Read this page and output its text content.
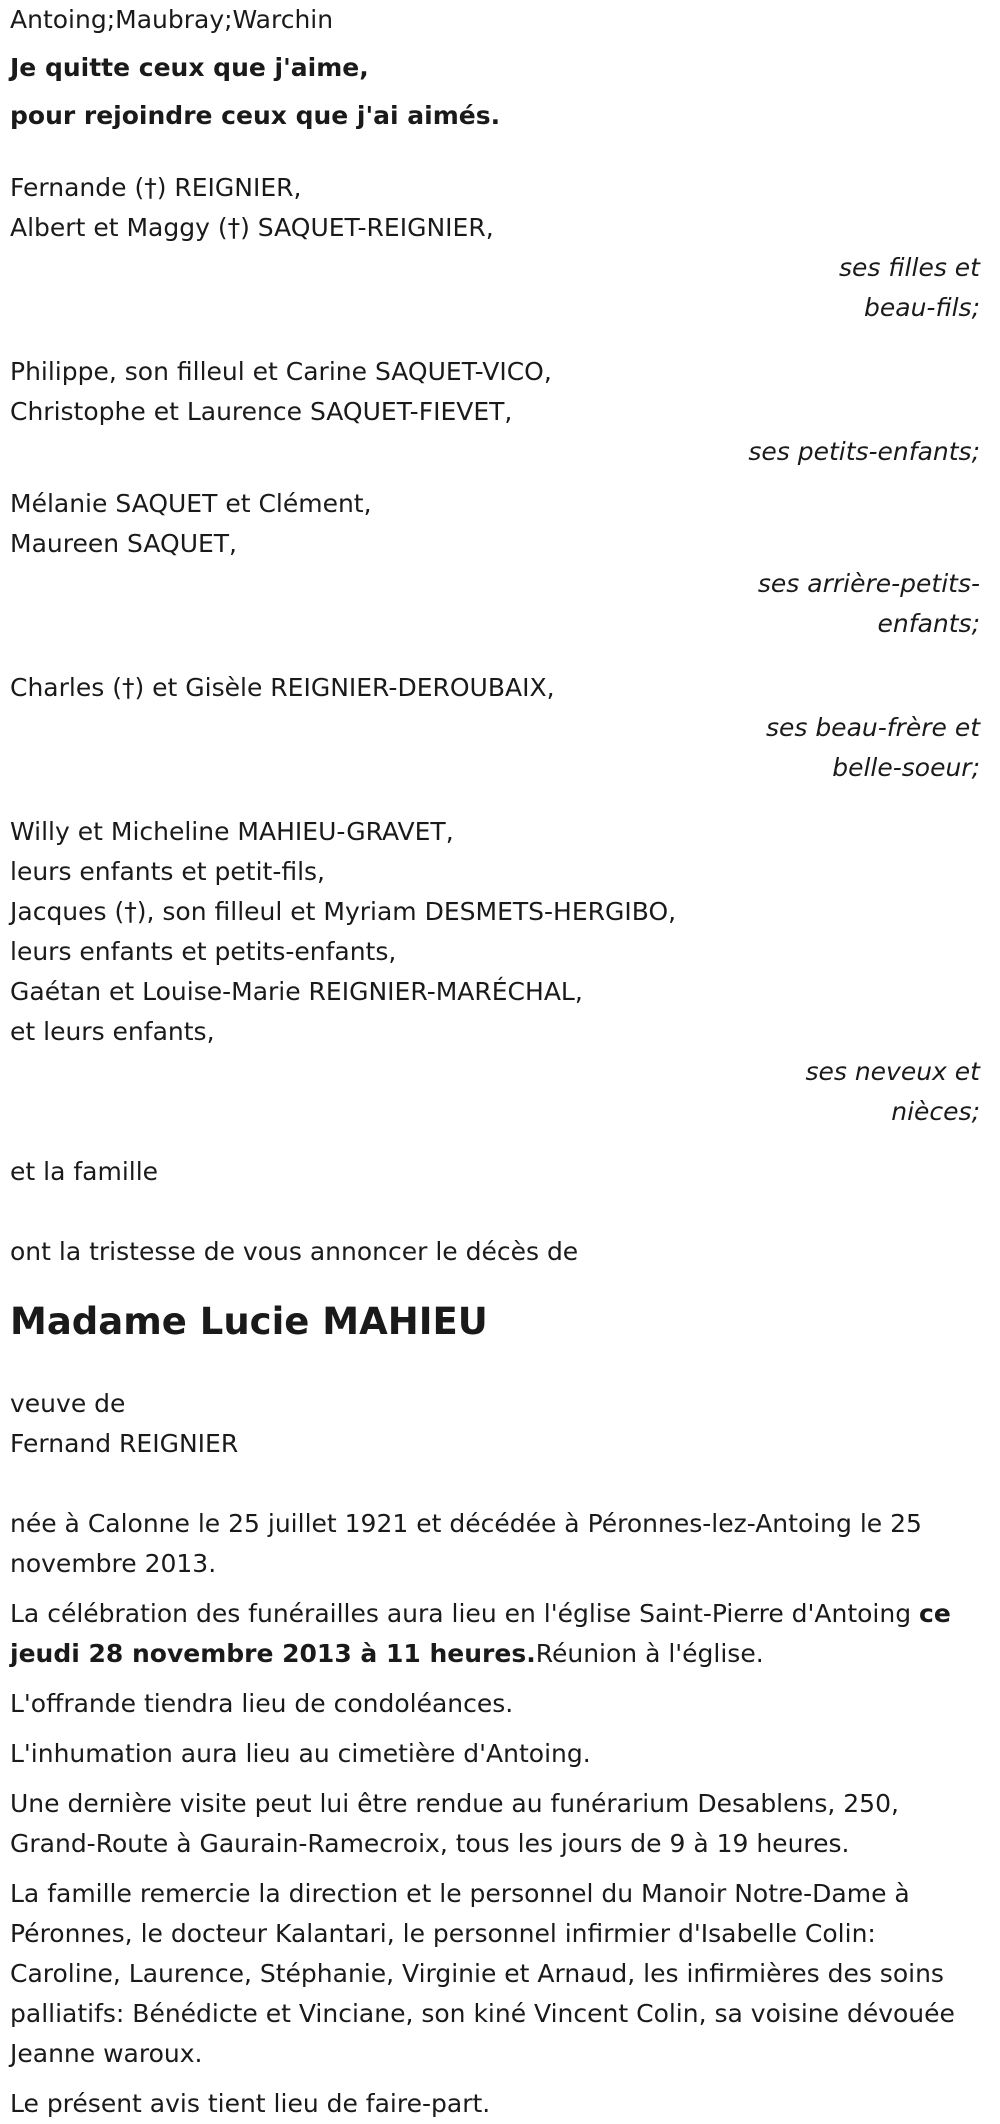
Antoing;Maubray;Warchin
Je quitte ceux que j'aime,
pour rejoindre ceux que j'ai aimés.
Fernande (†) REIGNIER,
Albert et Maggy (†) SAQUET-REIGNIER,
ses filles et
beau-fils;
Philippe, son filleul et Carine SAQUET-VICO,
Christophe et Laurence SAQUET-FIEVET,
ses petits-enfants;
Mélanie SAQUET et Clément,
Maureen SAQUET,
ses arrière-petits-
enfants;
Charles (†) et Gisèle REIGNIER-DEROUBAIX,
ses beau-frère et
belle-soeur;
Willy et Micheline MAHIEU-GRAVET,
leurs enfants et petit-fils,
Jacques (†), son filleul et Myriam DESMETS-HERGIBO,
leurs enfants et petits-enfants,
Gaétan et Louise-Marie REIGNIER-MARÉCHAL,
et leurs enfants,
ses neveux et
nièces;
et la famille
ont la tristesse de vous annoncer le décès de
Madame Lucie MAHIEU
veuve de
Fernand REIGNIER
née à Calonne le 25 juillet 1921 et décédée à Péronnes-lez-Antoing le 25 novembre 2013.
La célébration des funérailles aura lieu en l'église Saint-Pierre d'Antoing ce jeudi 28 novembre 2013 à 11 heures.Réunion à l'église.
L'offrande tiendra lieu de condoléances.
L'inhumation aura lieu au cimetière d'Antoing.
Une dernière visite peut lui être rendue au funérarium Desablens, 250, Grand-Route à Gaurain-Ramecroix, tous les jours de 9 à 19 heures.
La famille remercie la direction et le personnel du Manoir Notre-Dame à Péronnes, le docteur Kalantari, le personnel infirmier d'Isabelle Colin: Caroline, Laurence, Stéphanie, Virginie et Arnaud, les infirmières des soins palliatifs: Bénédicte et Vinciane, son kiné Vincent Colin, sa voisine dévouée Jeanne waroux.
Le présent avis tient lieu de faire-part.
